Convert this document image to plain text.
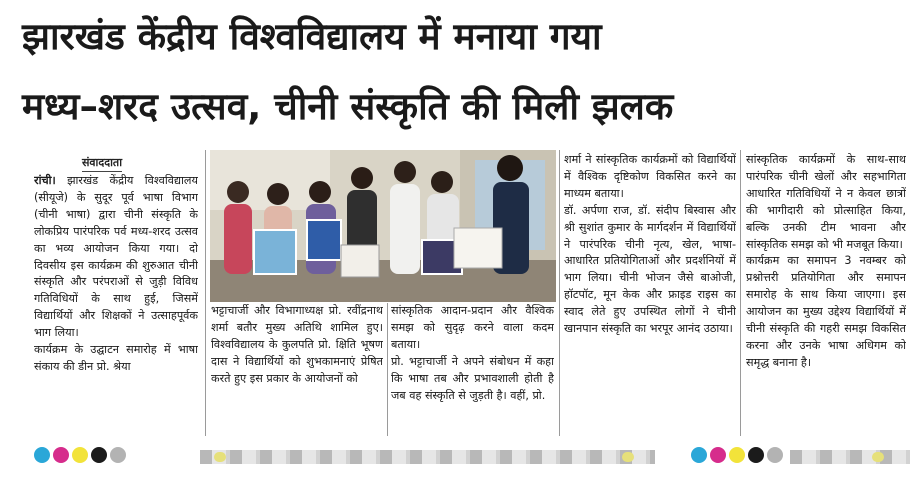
झारखंड केंद्रीय विश्वविद्यालय में मनाया गया
मध्य–शरद उत्सव, चीनी संस्कृति की मिली झलक
संवाददाता

रांची। झारखंड केंद्रीय विश्वविद्यालय (सीयूजे) के सुदूर पूर्व भाषा विभाग (चीनी भाषा) द्वारा चीनी संस्कृति के लोकप्रिय पारंपरिक पर्व मध्य-शरद उत्सव का भव्य आयोजन किया गया। दो दिवसीय इस कार्यक्रम की शुरुआत चीनी संस्कृति और परंपराओं से जुड़ी विविध गतिविधियों के साथ हुई, जिसमें विद्यार्थियों और शिक्षकों ने उत्साहपूर्वक भाग लिया।

कार्यक्रम के उद्घाटन समारोह में भाषा संकाय की डीन प्रो. श्रेया

भट्टाचार्जी और विभागाध्यक्ष प्रो. रवींद्रनाथ शर्मा बतौर मुख्य अतिथि शामिल हुए। विश्वविद्यालय के कुलपति प्रो. क्षिति भूषण दास ने विद्यार्थियों को शुभकामनाएं प्रेषित करते हुए इस प्रकार के आयोजनों को

सांस्कृतिक आदान-प्रदान और वैश्विक समझ को सुदृढ़ करने वाला कदम बताया।

प्रो. भट्टाचार्जी ने अपने संबोधन में कहा कि भाषा तब और प्रभावशाली होती है जब वह संस्कृति से जुड़ती है। वहीं, प्रो.

शर्मा ने सांस्कृतिक कार्यक्रमों को विद्यार्थियों में वैश्विक दृष्टिकोण विकसित करने का माध्यम बताया।

डॉ. अर्पणा राज, डॉ. संदीप बिस्वास और श्री सुशांत कुमार के मार्गदर्शन में विद्यार्थियों ने पारंपरिक चीनी नृत्य, खेल, भाषा-आधारित प्रतियोगिताओं और प्रदर्शनियों में भाग लिया। चीनी भोजन जैसे बाओजी, हॉटपॉट, मून केक और फ्राइड राइस का स्वाद लेते हुए उपस्थित लोगों ने चीनी खानपान संस्कृति का भरपूर आनंद उठाया।

सांस्कृतिक कार्यक्रमों के साथ-साथ पारंपरिक चीनी खेलों और सहभागिता आधारित गतिविधियों ने न केवल छात्रों की भागीदारी को प्रोत्साहित किया, बल्कि उनकी टीम भावना और सांस्कृतिक समझ को भी मजबूत किया।

कार्यक्रम का समापन 3 नवम्बर को प्रश्नोत्तरी प्रतियोगिता और समापन समारोह के साथ किया जाएगा। इस आयोजन का मुख्य उद्देश्य विद्यार्थियों में चीनी संस्कृति की गहरी समझ विकसित करना और उनके भाषा अधिगम को समृद्ध बनाना है।
